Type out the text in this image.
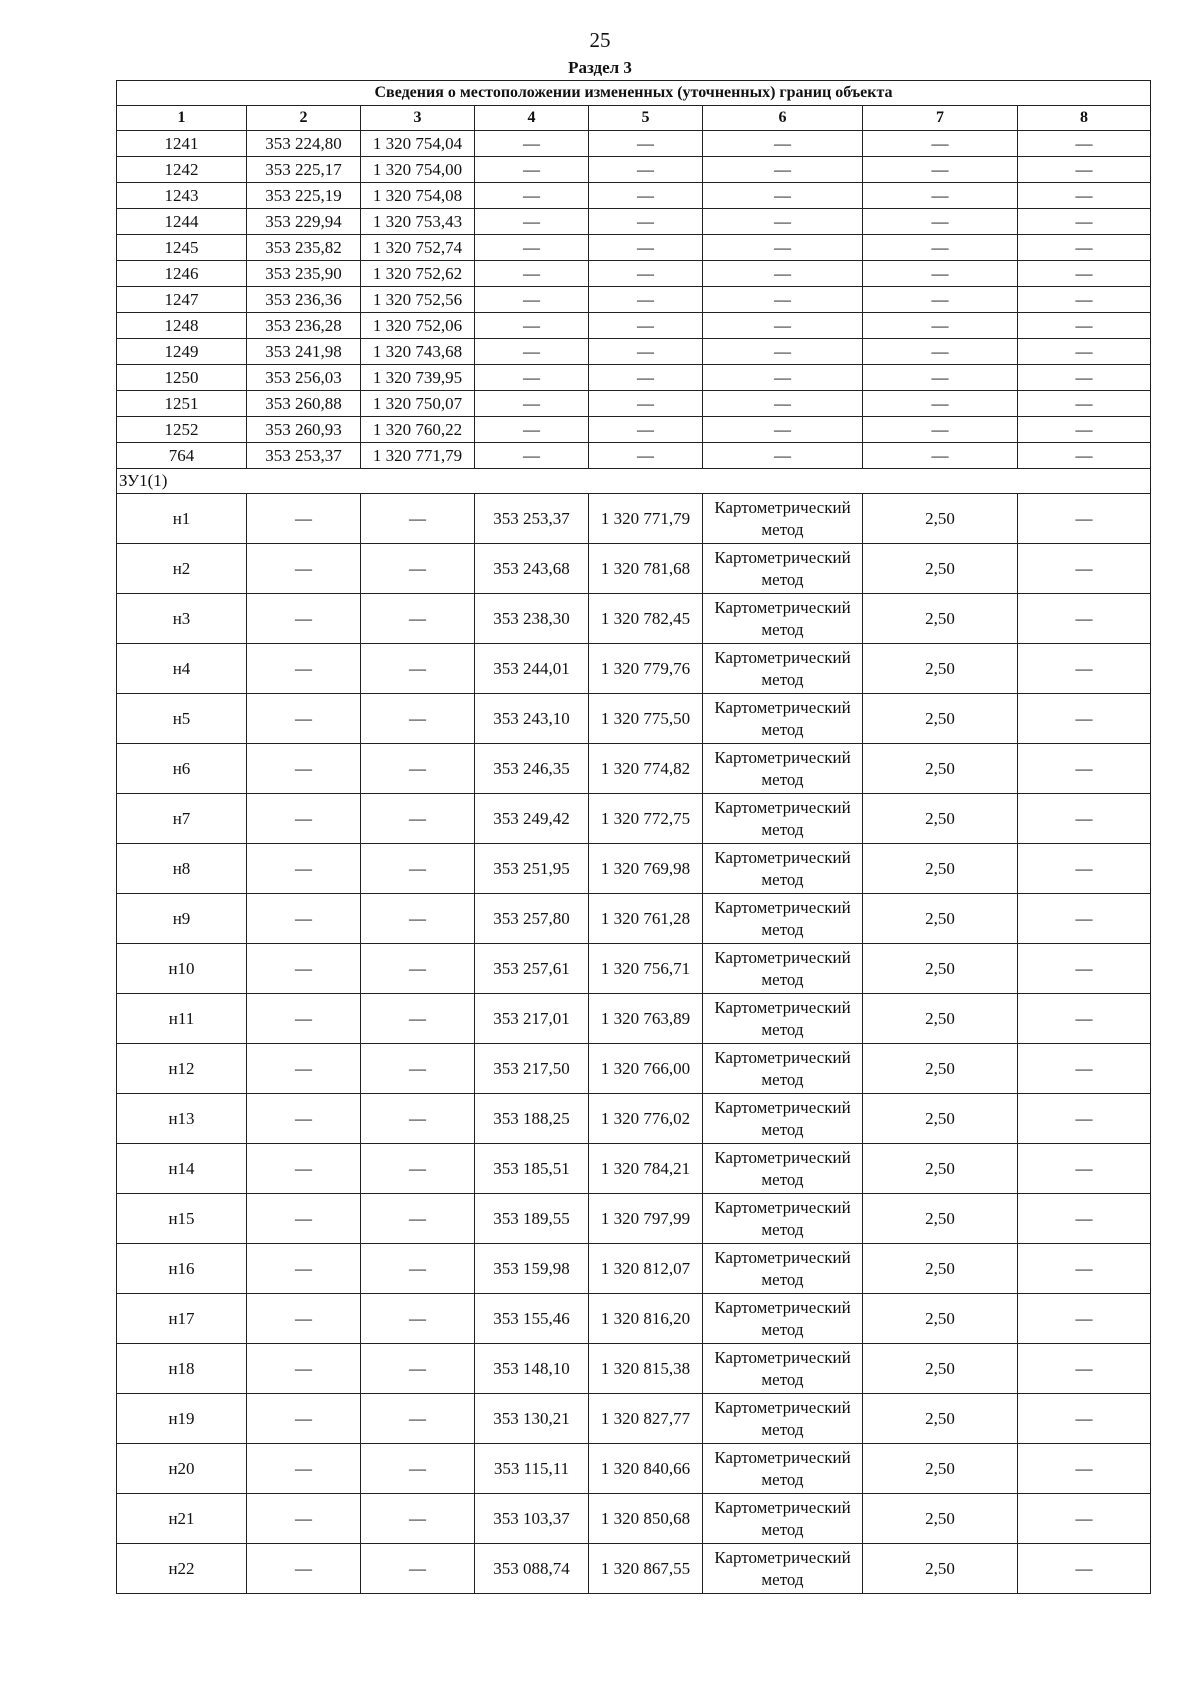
25
Раздел 3
Сведения о местоположении измененных (уточненных) границ объекта							
1	2	3	4	5	6	7	8
1241	353 224,80	1 320 754,04	—	—	—	—	—
1242	353 225,17	1 320 754,00	—	—	—	—	—
1243	353 225,19	1 320 754,08	—	—	—	—	—
1244	353 229,94	1 320 753,43	—	—	—	—	—
1245	353 235,82	1 320 752,74	—	—	—	—	—
1246	353 235,90	1 320 752,62	—	—	—	—	—
1247	353 236,36	1 320 752,56	—	—	—	—	—
1248	353 236,28	1 320 752,06	—	—	—	—	—
1249	353 241,98	1 320 743,68	—	—	—	—	—
1250	353 256,03	1 320 739,95	—	—	—	—	—
1251	353 260,88	1 320 750,07	—	—	—	—	—
1252	353 260,93	1 320 760,22	—	—	—	—	—
764	353 253,37	1 320 771,79	—	—	—	—	—
ЗУ1(1)							
н1	—	—	353 253,37	1 320 771,79	Картометрический метод	2,50	—
н2	—	—	353 243,68	1 320 781,68	Картометрический метод	2,50	—
н3	—	—	353 238,30	1 320 782,45	Картометрический метод	2,50	—
н4	—	—	353 244,01	1 320 779,76	Картометрический метод	2,50	—
н5	—	—	353 243,10	1 320 775,50	Картометрический метод	2,50	—
н6	—	—	353 246,35	1 320 774,82	Картометрический метод	2,50	—
н7	—	—	353 249,42	1 320 772,75	Картометрический метод	2,50	—
н8	—	—	353 251,95	1 320 769,98	Картометрический метод	2,50	—
н9	—	—	353 257,80	1 320 761,28	Картометрический метод	2,50	—
н10	—	—	353 257,61	1 320 756,71	Картометрический метод	2,50	—
н11	—	—	353 217,01	1 320 763,89	Картометрический метод	2,50	—
н12	—	—	353 217,50	1 320 766,00	Картометрический метод	2,50	—
н13	—	—	353 188,25	1 320 776,02	Картометрический метод	2,50	—
н14	—	—	353 185,51	1 320 784,21	Картометрический метод	2,50	—
н15	—	—	353 189,55	1 320 797,99	Картометрический метод	2,50	—
н16	—	—	353 159,98	1 320 812,07	Картометрический метод	2,50	—
н17	—	—	353 155,46	1 320 816,20	Картометрический метод	2,50	—
н18	—	—	353 148,10	1 320 815,38	Картометрический метод	2,50	—
н19	—	—	353 130,21	1 320 827,77	Картометрический метод	2,50	—
н20	—	—	353 115,11	1 320 840,66	Картометрический метод	2,50	—
н21	—	—	353 103,37	1 320 850,68	Картометрический метод	2,50	—
н22	—	—	353 088,74	1 320 867,55	Картометрический метод	2,50	—
